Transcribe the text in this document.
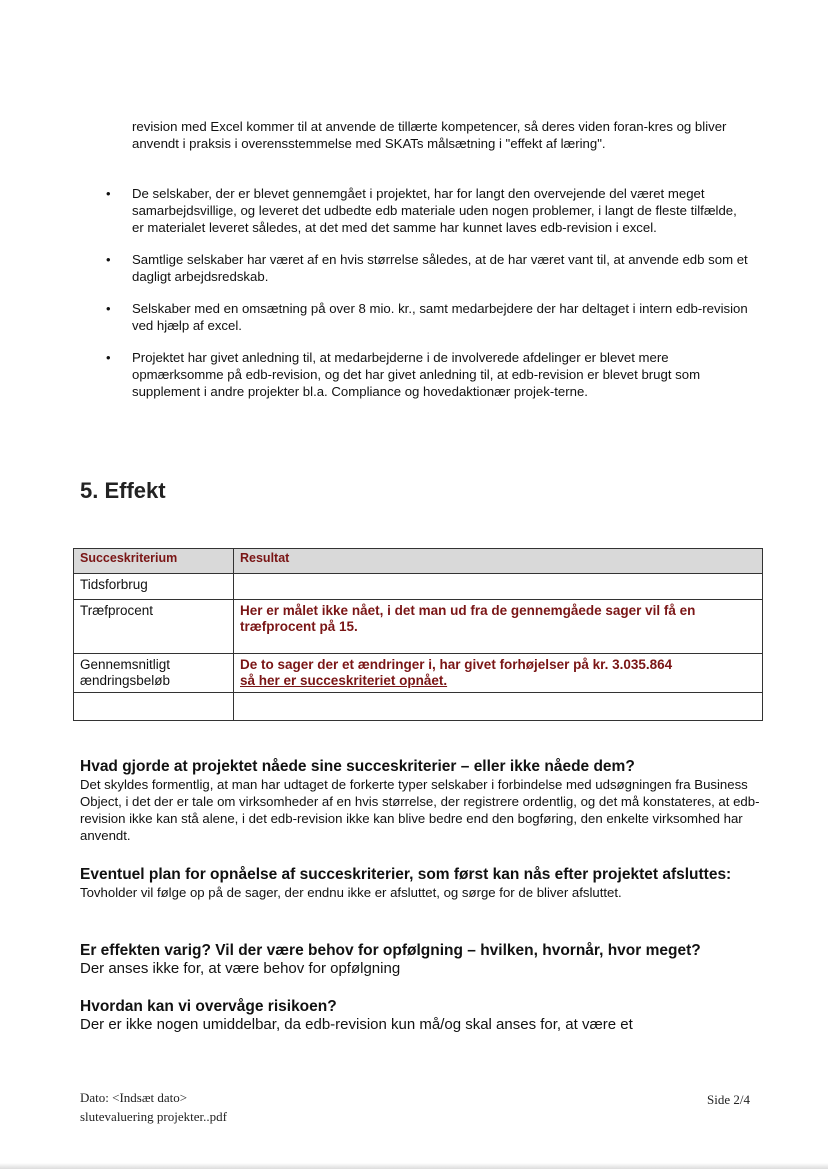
revision med Excel kommer til at anvende de tillærte kompetencer, så deres viden foran-kres og bliver anvendt i praksis i overensstemmelse med SKATs målsætning i "effekt af læring".

• De selskaber, der er blevet gennemgået i projektet, har for langt den overvejende del været meget samarbejdsvillige, og leveret det udbedte edb materiale uden nogen problemer, i langt de fleste tilfælde, er materialet leveret således, at det med det samme har kunnet laves edb-revision i excel.
• Samtlige selskaber har været af en hvis størrelse således, at de har været vant til, at anvende edb som et dagligt arbejdsredskab.
• Selskaber med en omsætning på over 8 mio. kr., samt medarbejdere der har deltaget i intern edb-revision ved hjælp af excel.
• Projektet har givet anledning til, at medarbejderne i de involverede afdelinger er blevet mere opmærksomme på edb-revision, og det har givet anledning til, at edb-revision er blevet brugt som supplement i andre projekter bl.a. Compliance og hovedaktionær projek-terne.
5. Effekt
Succeskriterium	Resultat
Tidsforbrug	
Træfprocent	Her er målet ikke nået, i det man ud fra de gennemgåede sager vil få en træfprocent på 15.
Gennemsnitligt ændringsbeløb	De to sager der et ændringer i, har givet forhøjelser på kr. 3.035.864
så her er succeskriteriet opnået.

Hvad gjorde at projektet nåede sine succeskriterier – eller ikke nåede dem?

Det skyldes formentlig, at man har udtaget de forkerte typer selskaber i forbindelse med udsøgningen fra Business Object, i det der er tale om virksomheder af en hvis størrelse, der registrere ordentlig, og det må konstateres, at edb-revision ikke kan stå alene, i det edb-revision ikke kan blive bedre end den bogføring, den enkelte virksomhed har anvendt.

Eventuel plan for opnåelse af succeskriterier, som først kan nås efter projektet afsluttes:

Tovholder vil følge op på de sager, der endnu ikke er afsluttet, og sørge for de bliver afsluttet.

Er effekten varig? Vil der være behov for opfølgning – hvilken, hvornår, hvor meget?

Der anses ikke for, at være behov for opfølgning

Hvordan kan vi overvåge risikoen?

Der er ikke nogen umiddelbar, da edb-revision kun må/og skal anses for, at være et

Dato: <Indsæt dato>
slutevaluering projekter..pdf
Side 2/4
